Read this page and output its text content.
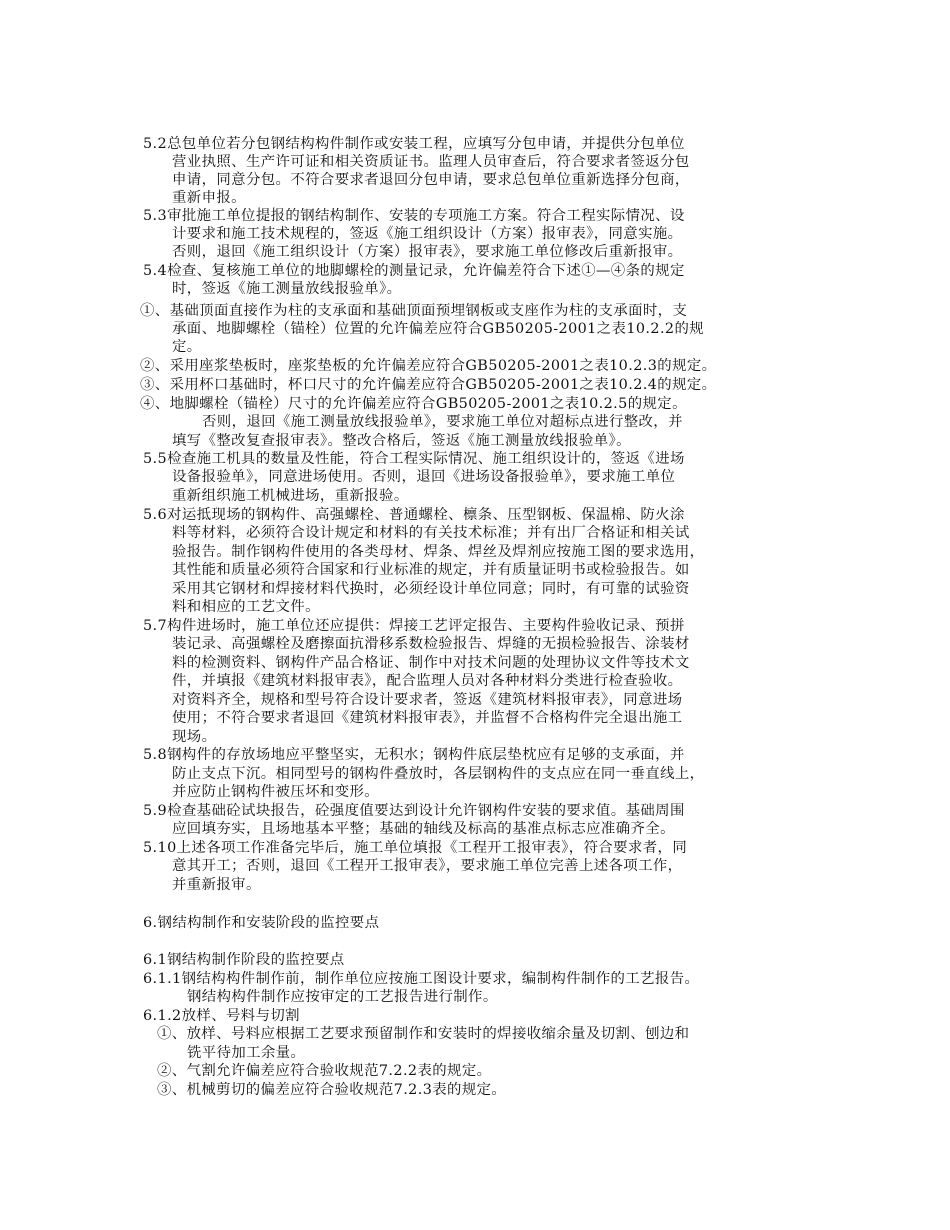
5.2总包单位若分包钢结构构件制作或安装工程，应填写分包申请，并提供分包单位
营业执照、生产许可证和相关资质证书。监理人员审查后，符合要求者签返分包
申请，同意分包。不符合要求者退回分包申请，要求总包单位重新选择分包商，
重新申报。
5.3审批施工单位提报的钢结构制作、安装的专项施工方案。符合工程实际情况、设
计要求和施工技术规程的，签返《施工组织设计（方案）报审表》，同意实施。
否则，退回《施工组织设计（方案）报审表》，要求施工单位修改后重新报审。
5.4检查、复核施工单位的地脚螺栓的测量记录，允许偏差符合下述①—④条的规定
时，签返《施工测量放线报验单》。
①、基础顶面直接作为柱的支承面和基础顶面预埋钢板或支座作为柱的支承面时，支
承面、地脚螺栓（锚栓）位置的允许偏差应符合GB50205-2001之表10.2.2的规
定。
②、采用座浆垫板时，座浆垫板的允许偏差应符合GB50205-2001之表10.2.3的规定。
③、采用杯口基础时，杯口尺寸的允许偏差应符合GB50205-2001之表10.2.4的规定。
④、地脚螺栓（锚栓）尺寸的允许偏差应符合GB50205-2001之表10.2.5的规定。
否则，退回《施工测量放线报验单》，要求施工单位对超标点进行整改，并
填写《整改复查报审表》。整改合格后，签返《施工测量放线报验单》。
5.5检查施工机具的数量及性能，符合工程实际情况、施工组织设计的，签返《进场
设备报验单》，同意进场使用。否则，退回《进场设备报验单》，要求施工单位
重新组织施工机械进场，重新报验。
5.6对运抵现场的钢构件、高强螺栓、普通螺栓、檩条、压型钢板、保温棉、防火涂
料等材料，必须符合设计规定和材料的有关技术标准；并有出厂合格证和相关试
验报告。制作钢构件使用的各类母材、焊条、焊丝及焊剂应按施工图的要求选用，
其性能和质量必须符合国家和行业标准的规定，并有质量证明书或检验报告。如
采用其它钢材和焊接材料代换时，必须经设计单位同意；同时，有可靠的试验资
料和相应的工艺文件。
5.7构件进场时，施工单位还应提供：焊接工艺评定报告、主要构件验收记录、预拼
装记录、高强螺栓及磨擦面抗滑移系数检验报告、焊缝的无损检验报告、涂装材
料的检测资料、钢构件产品合格证、制作中对技术问题的处理协议文件等技术文
件，并填报《建筑材料报审表》，配合监理人员对各种材料分类进行检查验收。
对资料齐全，规格和型号符合设计要求者，签返《建筑材料报审表》，同意进场
使用；不符合要求者退回《建筑材料报审表》，并监督不合格构件完全退出施工
现场。
5.8钢构件的存放场地应平整坚实，无积水；钢构件底层垫枕应有足够的支承面，并
防止支点下沉。相同型号的钢构件叠放时，各层钢构件的支点应在同一垂直线上，
并应防止钢构件被压坏和变形。
5.9检查基础砼试块报告，砼强度值要达到设计允许钢构件安装的要求值。基础周围
应回填夯实，且场地基本平整；基础的轴线及标高的基准点标志应准确齐全。
5.10上述各项工作准备完毕后，施工单位填报《工程开工报审表》，符合要求者，同
意其开工；否则，退回《工程开工报审表》，要求施工单位完善上述各项工作，
并重新报审。
6.钢结构制作和安装阶段的监控要点
6.1钢结构制作阶段的监控要点
6.1.1钢结构构件制作前，制作单位应按施工图设计要求，编制构件制作的工艺报告。
钢结构构件制作应按审定的工艺报告进行制作。
6.1.2放样、号料与切割
①、放样、号料应根据工艺要求预留制作和安装时的焊接收缩余量及切割、刨边和
铣平待加工余量。
②、气割允许偏差应符合验收规范7.2.2表的规定。
③、机械剪切的偏差应符合验收规范7.2.3表的规定。
